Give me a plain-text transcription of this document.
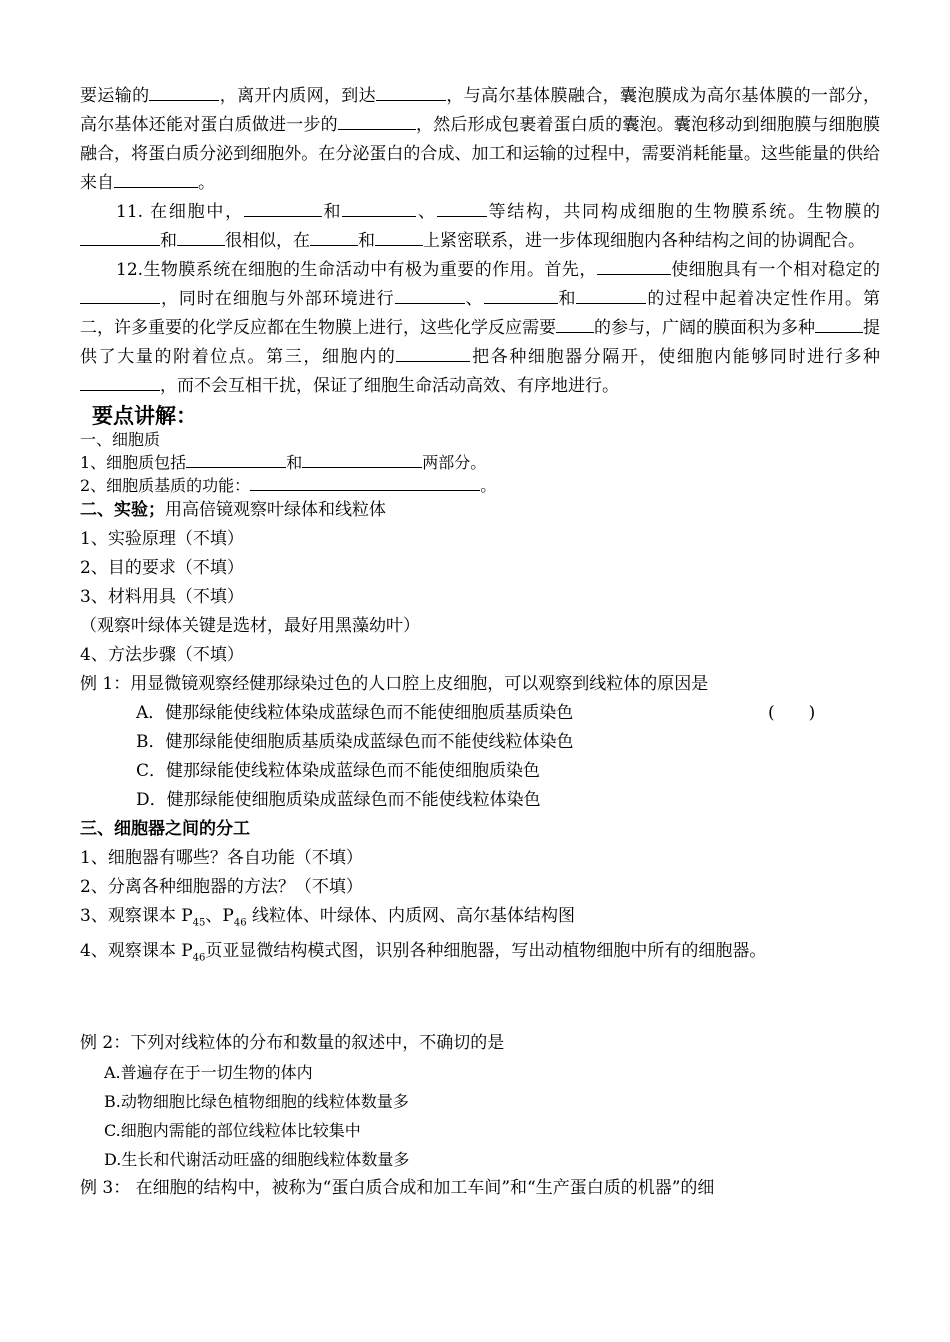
要运输的	，离开内质网，到达	，与高尔基体膜融合，囊泡膜成为高尔基体膜的一部分，高尔基体还能对蛋白质做进一步的	，然后形成包裹着蛋白质的囊泡。囊泡移动到细胞膜与细胞膜融合，将蛋白质分泌到细胞外。在分泌蛋白的合成、加工和运输的过程中，需要消耗能量。这些能量的供给来自	。

11. 在细胞中，	和	、	等结构，共同构成细胞的生物膜系统。生物膜的和	很相似，在	和	上紧密联系，进一步体现细胞内各种结构之间的协调配合。

12.生物膜系统在细胞的生命活动中有极为重要的作用。首先，	使细胞具有一个相对稳定的，同时在细胞与外部环境进行	、	和	的过程中起着决定性作用。第二，许多重要的化学反应都在生物膜上进行，这些化学反应需要 的参与，广阔的膜面积为多种	提供了大量的附着位点。第三，细胞内的	把各种细胞器分隔开，使细胞内能够同时进行多种，而不会互相干扰，保证了细胞生命活动高效、有序地进行。

要点讲解：

一、细胞质

1、细胞质包括	和	两部分。

2、细胞质基质的功能：	。

二、实验；用高倍镜观察叶绿体和线粒体

1、实验原理（不填）

2、目的要求（不填）

3、材料用具（不填）

（观察叶绿体关键是选材，最好用黑藻幼叶）

4、方法步骤（不填）

例 1：用显微镜观察经健那绿染过色的人口腔上皮细胞，可以观察到线粒体的原因是

A．健那绿能使线粒体染成蓝绿色而不能使细胞质基质染色	(　　)

B．健那绿能使细胞质基质染成蓝绿色而不能使线粒体染色

C．健那绿能使线粒体染成蓝绿色而不能使细胞质染色

D．健那绿能使细胞质染成蓝绿色而不能使线粒体染色

三、细胞器之间的分工

1、细胞器有哪些？各自功能（不填）

2、分离各种细胞器的方法？（不填）

3、观察课本 $P_{45}$、$P_{46}$ 线粒体、叶绿体、内质网、高尔基体结构图

4、观察课本 $P_{46}$页亚显微结构模式图，识别各种细胞器，写出动植物细胞中所有的细胞器。

例 2：下列对线粒体的分布和数量的叙述中，不确切的是

A.普遍存在于一切生物的体内

B.动物细胞比绿色植物细胞的线粒体数量多

C.细胞内需能的部位线粒体比较集中

D.生长和代谢活动旺盛的细胞线粒体数量多

例 3： 在细胞的结构中，被称为“蛋白质合成和加工车间”和“生产蛋白质的机器”的细
